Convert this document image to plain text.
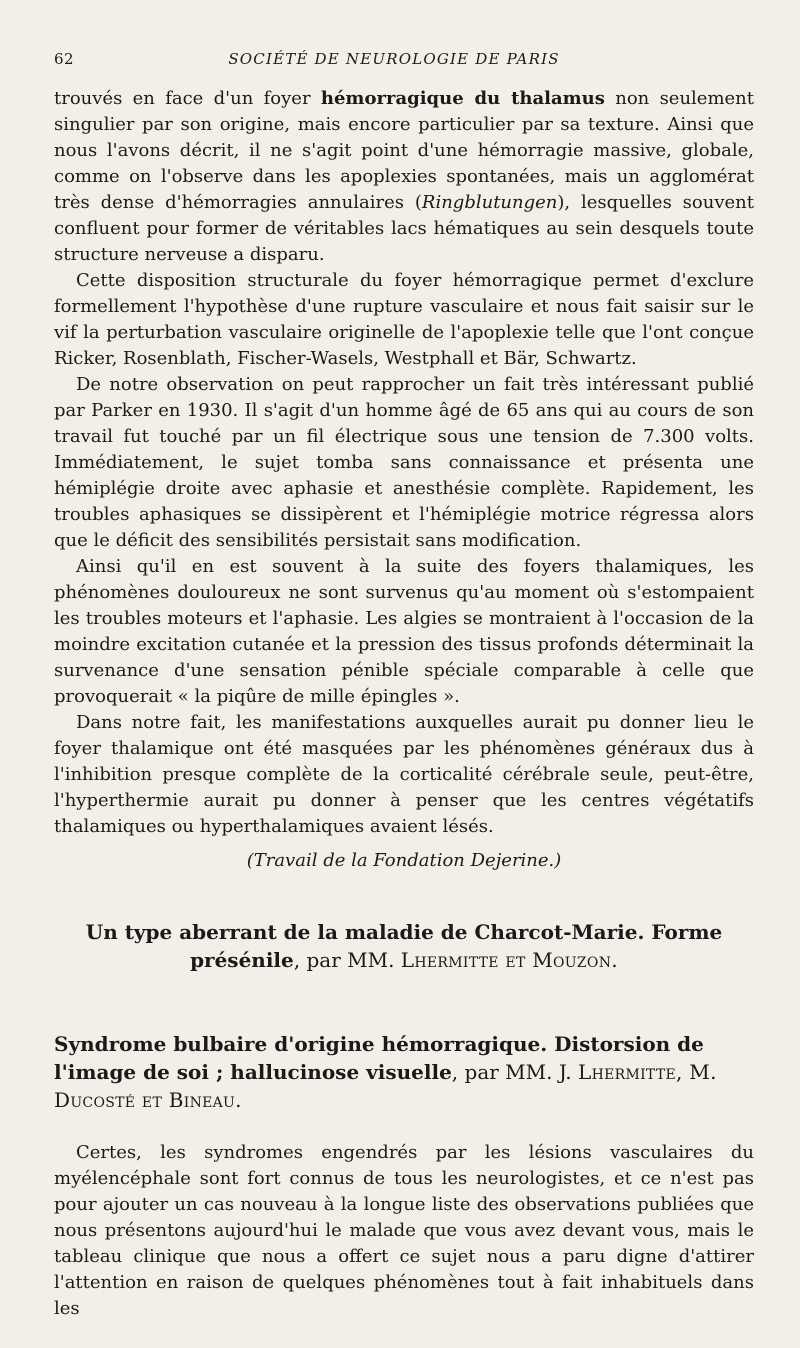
62	SOCIÉTÉ DE NEUROLOGIE DE PARIS

trouvés en face d'un foyer hémorragique du thalamus non seulement singulier par son origine, mais encore particulier par sa texture. Ainsi que nous l'avons décrit, il ne s'agit point d'une hémorragie massive, globale, comme on l'observe dans les apoplexies spontanées, mais un agglomérat très dense d'hémorragies annulaires (Ringblutungen), lesquelles souvent confluent pour former de véritables lacs hématiques au sein desquels toute structure nerveuse a disparu.

Cette disposition structurale du foyer hémorragique permet d'exclure formellement l'hypothèse d'une rupture vasculaire et nous fait saisir sur le vif la perturbation vasculaire originelle de l'apoplexie telle que l'ont conçue Ricker, Rosenblath, Fischer-Wasels, Westphall et Bär, Schwartz.

De notre observation on peut rapprocher un fait très intéressant publié par Parker en 1930. Il s'agit d'un homme âgé de 65 ans qui au cours de son travail fut touché par un fil électrique sous une tension de 7.300 volts. Immédiatement, le sujet tomba sans connaissance et présenta une hémiplégie droite avec aphasie et anesthésie complète. Rapidement, les troubles aphasiques se dissipèrent et l'hémiplégie motrice régressa alors que le déficit des sensibilités persistait sans modification.

Ainsi qu'il en est souvent à la suite des foyers thalamiques, les phénomènes douloureux ne sont survenus qu'au moment où s'estompaient les troubles moteurs et l'aphasie. Les algies se montraient à l'occasion de la moindre excitation cutanée et la pression des tissus profonds déterminait la survenance d'une sensation pénible spéciale comparable à celle que provoquerait « la piqûre de mille épingles ».

Dans notre fait, les manifestations auxquelles aurait pu donner lieu le foyer thalamique ont été masquées par les phénomènes généraux dus à l'inhibition presque complète de la corticalité cérébrale seule, peut-être, l'hyperthermie aurait pu donner à penser que les centres végétatifs thalamiques ou hyperthalamiques avaient lésés.

(Travail de la Fondation Dejerine.)
Un type aberrant de la maladie de Charcot-Marie. Forme présénile, par MM. Lhermitte et Mouzon.
Syndrome bulbaire d'origine hémorragique. Distorsion de l'image de soi ; hallucinose visuelle, par MM. J. Lhermitte, M. Ducosté et Bineau.

Certes, les syndromes engendrés par les lésions vasculaires du myélencéphale sont fort connus de tous les neurologistes, et ce n'est pas pour ajouter un cas nouveau à la longue liste des observations publiées que nous présentons aujourd'hui le malade que vous avez devant vous, mais le tableau clinique que nous a offert ce sujet nous a paru digne d'attirer l'attention en raison de quelques phénomènes tout à fait inhabituels dans les
